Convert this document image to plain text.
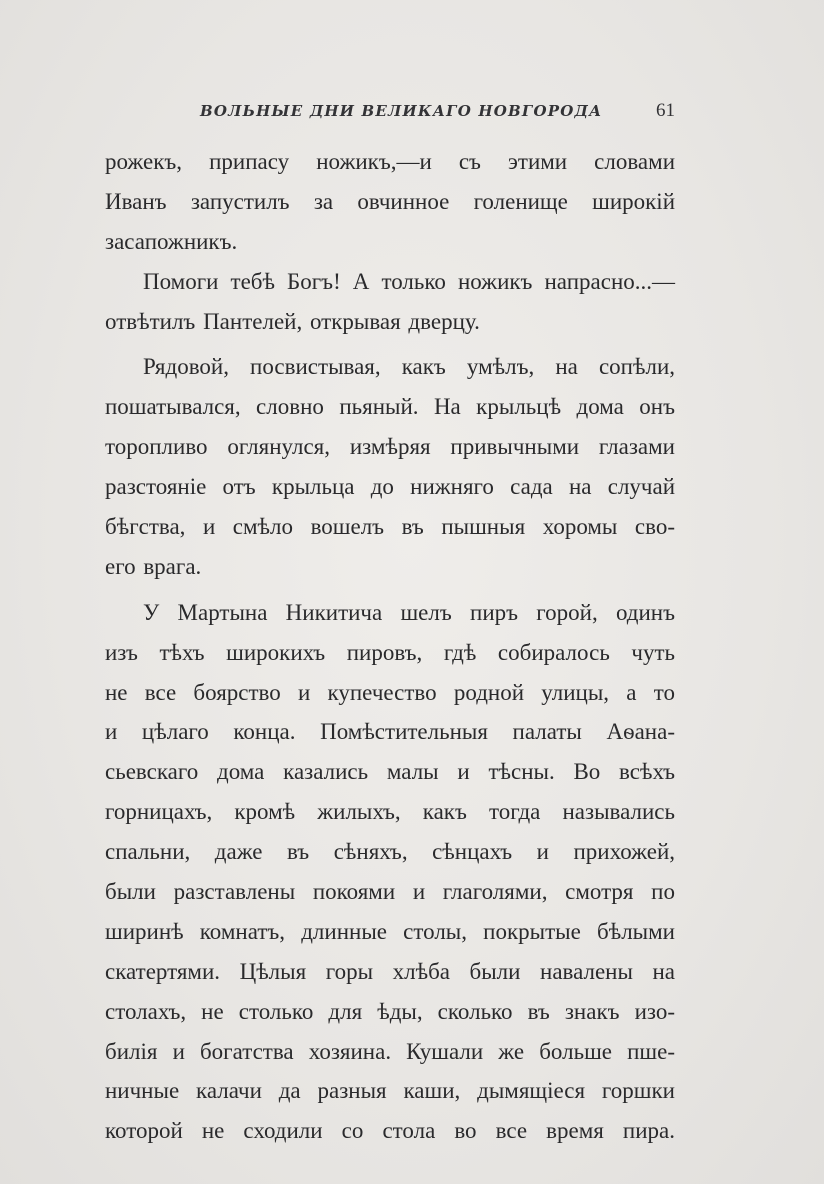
ВОЛЬНЫЕ ДНИ ВЕЛИКАГО НОВГОРОДА	61
рожекъ, припасу ножикъ,—и съ этими словами
Иванъ запустилъ за овчинное голенище широкій
засапожникъ.
Помоги тебѣ Богъ! А только ножикъ напрасно...—
отвѣтилъ Пантелей, открывая дверцу.
Рядовой, посвистывая, какъ умѣлъ, на сопѣли,
пошатывался, словно пьяный. На крыльцѣ дома онъ
торопливо оглянулся, измѣряя привычными глазами
разстояніе отъ крыльца до нижняго сада на случай
бѣгства, и смѣло вошелъ въ пышныя хоромы сво-
его врага.
У Мартына Никитича шелъ пиръ горой, одинъ
изъ тѣхъ широкихъ пировъ, гдѣ собиралось чуть
не все боярство и купечество родной улицы, а то
и цѣлаго конца. Помѣстительныя палаты Аѳана-
сьевскаго дома казались малы и тѣсны. Во всѣхъ
горницахъ, кромѣ жилыхъ, какъ тогда назывались
спальни, даже въ сѣняхъ, сѣнцахъ и прихожей,
были разставлены покоями и глаголями, смотря по
ширинѣ комнатъ, длинные столы, покрытые бѣлыми
скатертями. Цѣлыя горы хлѣба были навалены на
столахъ, не столько для ѣды, сколько въ знакъ изо-
билія и богатства хозяина. Кушали же больше пше-
ничные калачи да разныя каши, дымящіеся горшки
которой не сходили со стола во все время пира.
